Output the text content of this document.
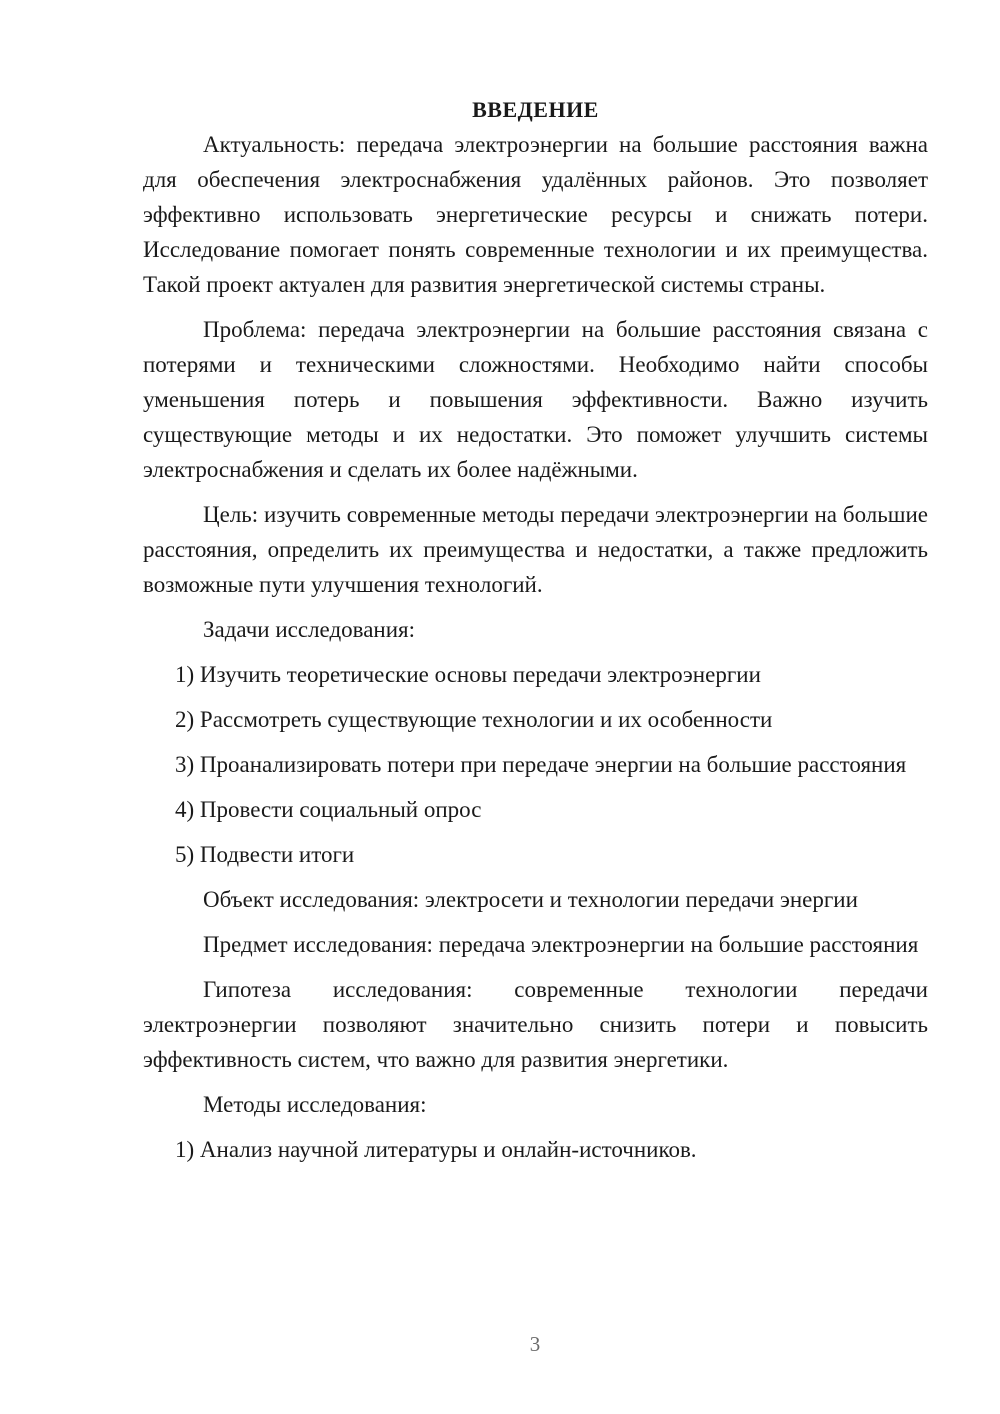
ВВЕДЕНИЕ

Актуальность: передача электроэнергии на большие расстояния важна для обеспечения электроснабжения удалённых районов. Это позволяет эффективно использовать энергетические ресурсы и снижать потери. Исследование помогает понять современные технологии и их преимущества. Такой проект актуален для развития энергетической системы страны.

Проблема: передача электроэнергии на большие расстояния связана с потерями и техническими сложностями. Необходимо найти способы уменьшения потерь и повышения эффективности. Важно изучить существующие методы и их недостатки. Это поможет улучшить системы электроснабжения и сделать их более надёжными.

Цель: изучить современные методы передачи электроэнергии на большие расстояния, определить их преимущества и недостатки, а также предложить возможные пути улучшения технологий.

Задачи исследования:

1) Изучить теоретические основы передачи электроэнергии

2) Рассмотреть существующие технологии и их особенности

3) Проанализировать потери при передаче энергии на большие расстояния

4) Провести социальный опрос

5) Подвести итоги

Объект исследования: электросети и технологии передачи энергии

Предмет исследования: передача электроэнергии на большие расстояния

Гипотеза исследования: современные технологии передачи электроэнергии позволяют значительно снизить потери и повысить эффективность систем, что важно для развития энергетики.

Методы исследования:

1) Анализ научной литературы и онлайн-источников.

3
